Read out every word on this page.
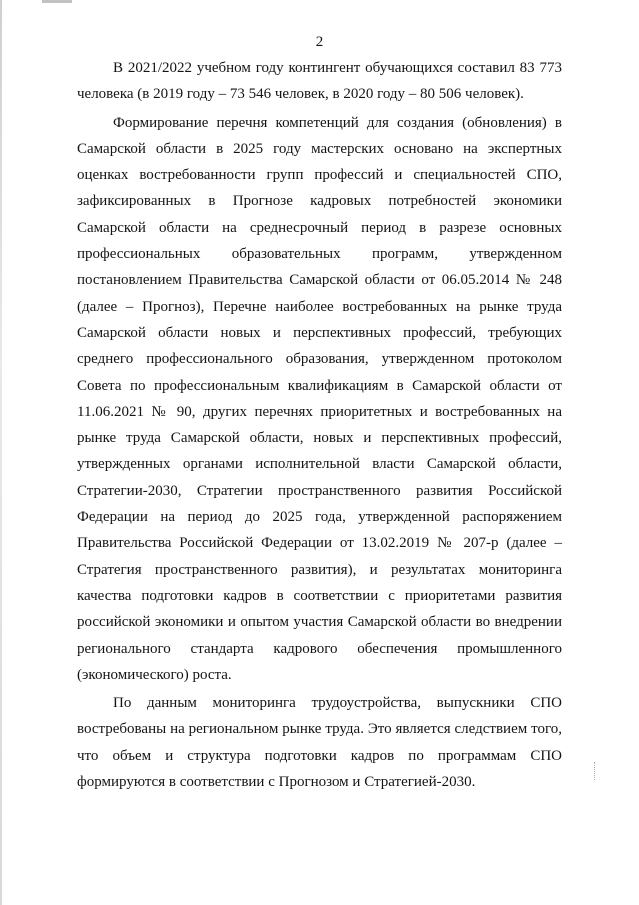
2

В 2021/2022 учебном году контингент обучающихся составил 83 773 человека (в 2019 году – 73 546 человек, в 2020 году – 80 506 человек).

Формирование перечня компетенций для создания (обновления) в Самарской области в 2025 году мастерских основано на экспертных оценках востребованности групп профессий и специальностей СПО, зафиксированных в Прогнозе кадровых потребностей экономики Самарской области на среднесрочный период в разрезе основных профессиональных образовательных программ, утвержденном постановлением Правительства Самарской области от 06.05.2014 № 248 (далее – Прогноз), Перечне наиболее востребованных на рынке труда Самарской области новых и перспективных профессий, требующих среднего профессионального образования, утвержденном протоколом Совета по профессиональным квалификациям в Самарской области от 11.06.2021 № 90, других перечнях приоритетных и востребованных на рынке труда Самарской области, новых и перспективных профессий, утвержденных органами исполнительной власти Самарской области, Стратегии-2030, Стратегии пространственного развития Российской Федерации на период до 2025 года, утвержденной распоряжением Правительства Российской Федерации от 13.02.2019 № 207-р (далее – Стратегия пространственного развития), и результатах мониторинга качества подготовки кадров в соответствии с приоритетами развития российской экономики и опытом участия Самарской области во внедрении регионального стандарта кадрового обеспечения промышленного (экономического) роста.

По данным мониторинга трудоустройства, выпускники СПО востребованы на региональном рынке труда. Это является следствием того, что объем и структура подготовки кадров по программам СПО формируются в соответствии с Прогнозом и Стратегией-2030.
